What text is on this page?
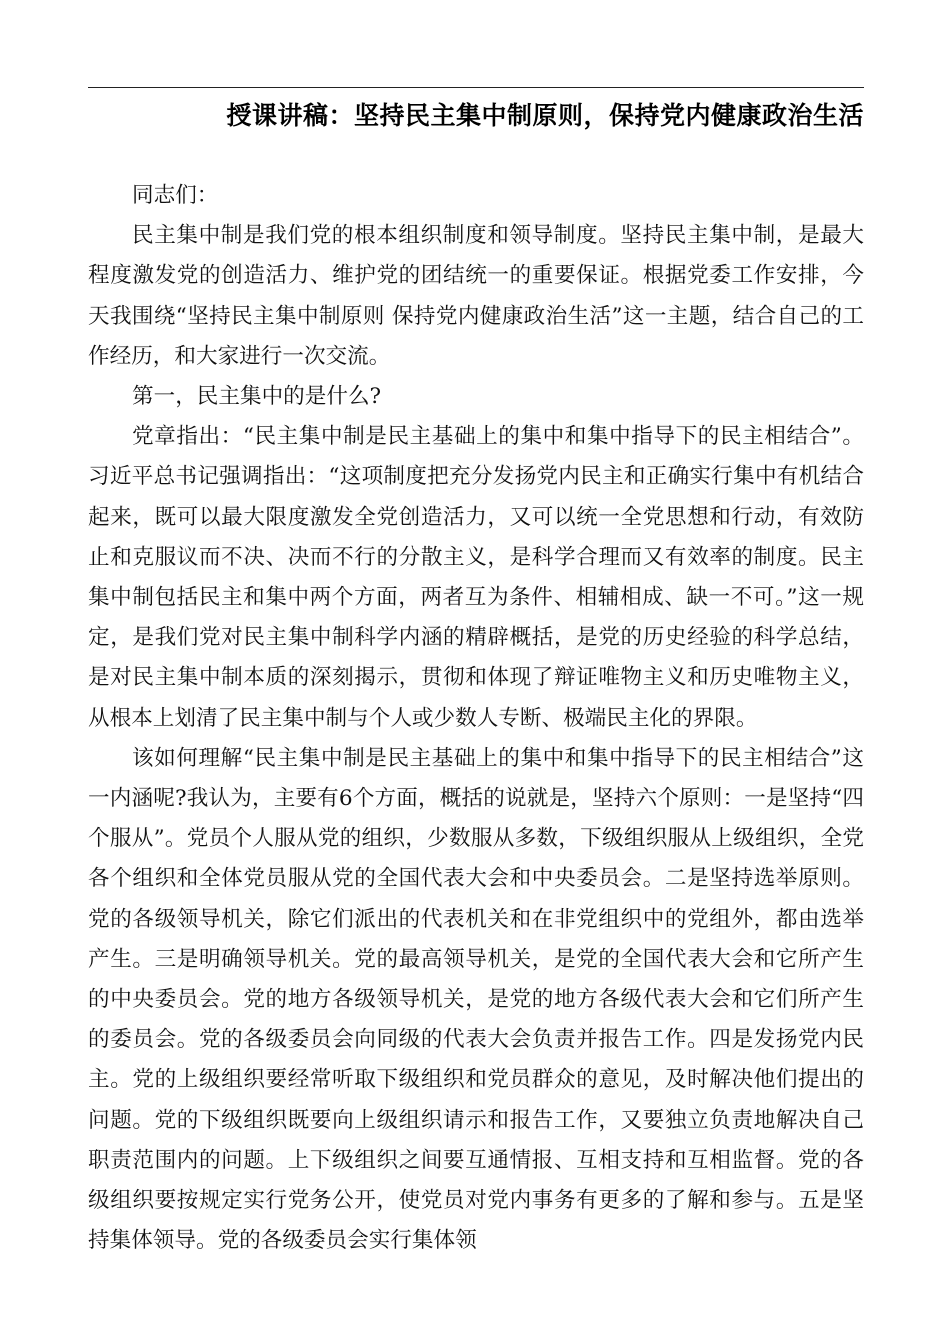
授课讲稿：坚持民主集中制原则，保持党内健康政治生活

同志们：

民主集中制是我们党的根本组织制度和领导制度。坚持民主集中制，是最大程度激发党的创造活力、维护党的团结统一的重要保证。根据党委工作安排，今天我围绕“坚持民主集中制原则 保持党内健康政治生活”这一主题，结合自己的工作经历，和大家进行一次交流。

第一，民主集中的是什么?

党章指出：“民主集中制是民主基础上的集中和集中指导下的民主相结合”。习近平总书记强调指出：“这项制度把充分发扬党内民主和正确实行集中有机结合起来，既可以最大限度激发全党创造活力，又可以统一全党思想和行动，有效防止和克服议而不决、决而不行的分散主义，是科学合理而又有效率的制度。民主集中制包括民主和集中两个方面，两者互为条件、相辅相成、缺一不可。”这一规定，是我们党对民主集中制科学内涵的精辟概括，是党的历史经验的科学总结，是对民主集中制本质的深刻揭示，贯彻和体现了辩证唯物主义和历史唯物主义，从根本上划清了民主集中制与个人或少数人专断、极端民主化的界限。

该如何理解“民主集中制是民主基础上的集中和集中指导下的民主相结合”这一内涵呢?我认为，主要有6个方面，概括的说就是，坚持六个原则：一是坚持“四个服从”。党员个人服从党的组织，少数服从多数，下级组织服从上级组织，全党各个组织和全体党员服从党的全国代表大会和中央委员会。二是坚持选举原则。党的各级领导机关，除它们派出的代表机关和在非党组织中的党组外，都由选举产生。三是明确领导机关。党的最高领导机关，是党的全国代表大会和它所产生的中央委员会。党的地方各级领导机关，是党的地方各级代表大会和它们所产生的委员会。党的各级委员会向同级的代表大会负责并报告工作。四是发扬党内民主。党的上级组织要经常听取下级组织和党员群众的意见，及时解决他们提出的问题。党的下级组织既要向上级组织请示和报告工作，又要独立负责地解决自己职责范围内的问题。上下级组织之间要互通情报、互相支持和互相监督。党的各级组织要按规定实行党务公开，使党员对党内事务有更多的了解和参与。五是坚持集体领导。党的各级委员会实行集体领
